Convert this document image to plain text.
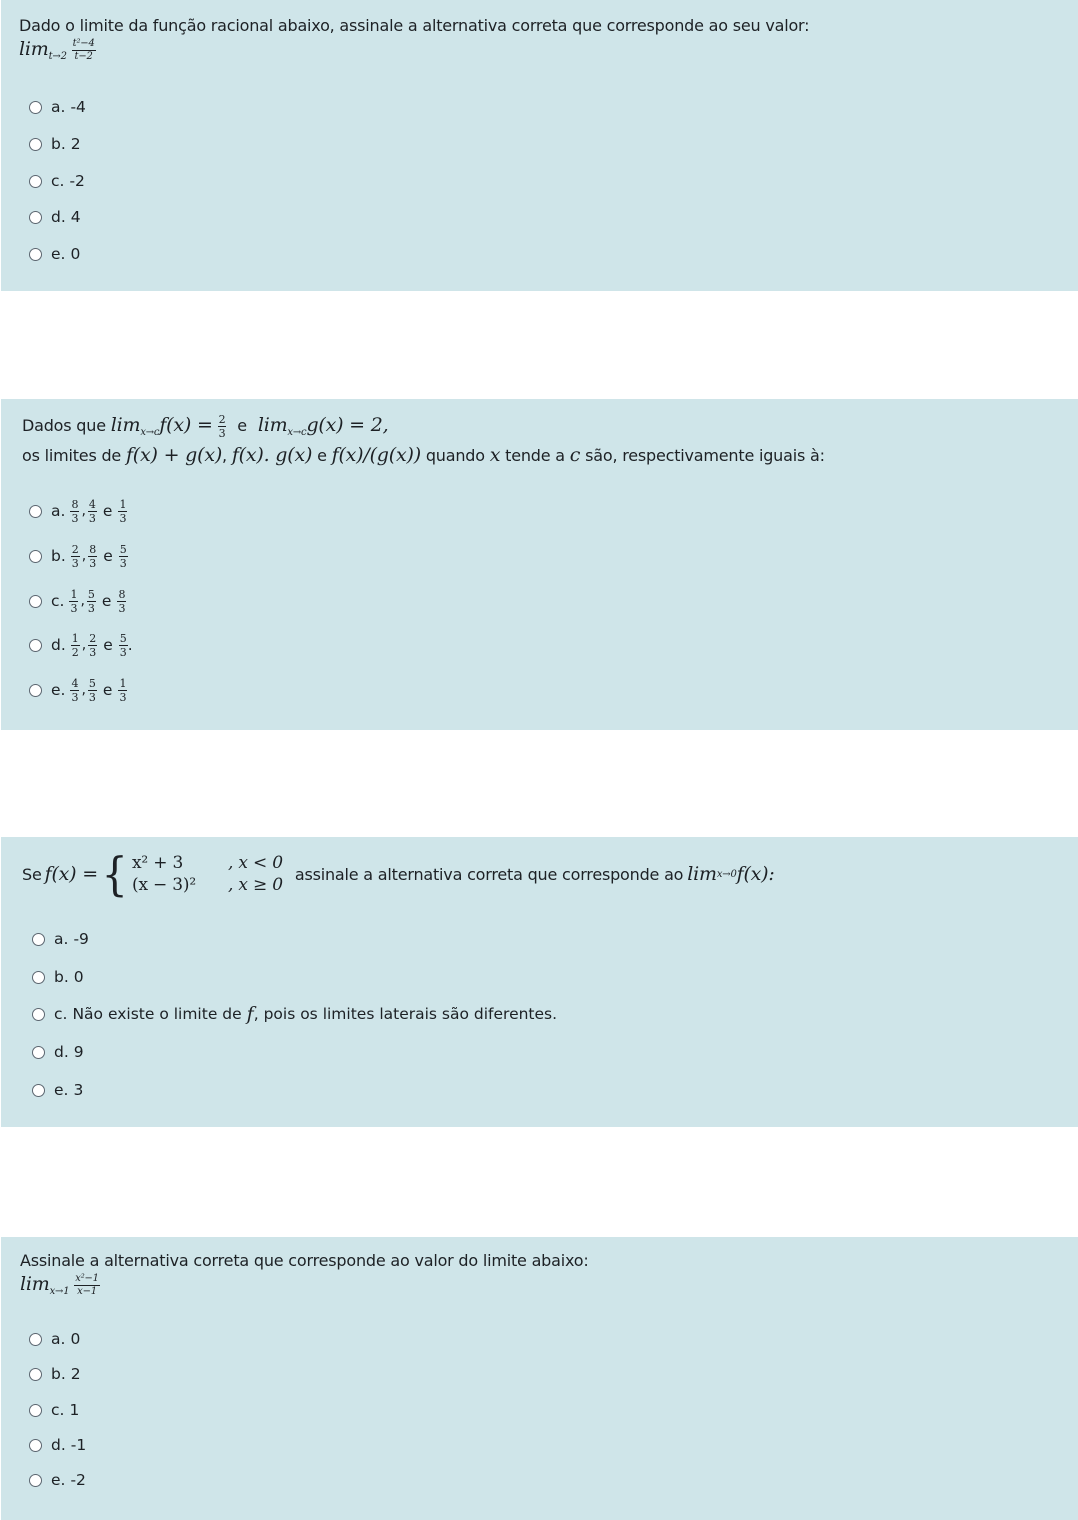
Dado o limite da função racional abaixo, assinale a alternativa correta que corresponde ao seu valor:
$\lim_{t\to 2} \frac{\text{t²−4}}{t-2}$
a. -4
b. 2
c. -2
d. 4
e. 0
Dados que $\lim_{x\to c}f(x) = \frac{2}{3}$ e $\lim_{x\to c}g(x) = 2$,
os limites de f(x) + g(x), f(x). g(x) e f(x)/(g(x)) quando x tende a c são, respectivamente iguais à:
a. $\frac{8}{3}$ , $\frac{4}{3}$ e $\frac{1}{3}$
b. $\frac{2}{3}$ , $\frac{8}{3}$ e $\frac{5}{3}$
c. $\frac{1}{3}$ , $\frac{5}{3}$ e $\frac{8}{3}$
d. $\frac{1}{2}$ , $\frac{2}{3}$ e $\frac{5}{3}$ .
e. $\frac{4}{3}$ , $\frac{5}{3}$ e $\frac{1}{3}$
Se f(x) = { x² + 3	, x < 0
(x − 3)² , x ≥ 0
assinale a alternativa correta que corresponde ao lim x→0 f(x):
a. -9
b. 0
c. Não existe o limite de f , pois os limites laterais são diferentes.
d. 9
e. 3
Assinale a alternativa correta que corresponde ao valor do limite abaixo:
$\lim_{x\to 1} \frac{\text{x²−1}}{x-1}$
a. 0
b. 2
c. 1
d. -1
e. -2
